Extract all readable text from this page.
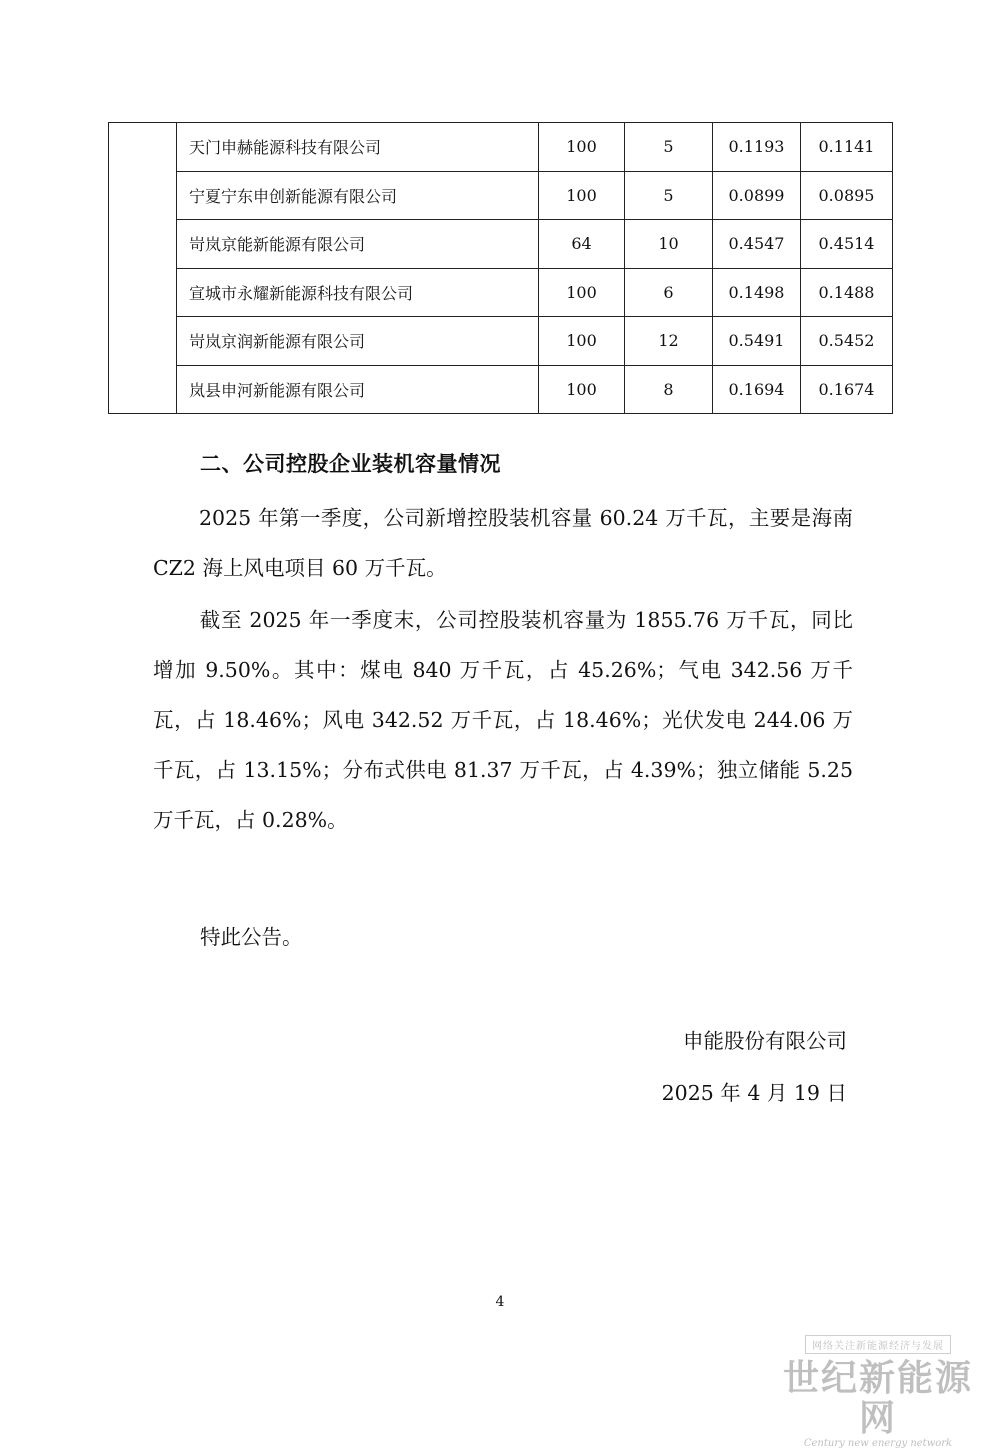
	天门申赫能源科技有限公司	100	5	0.1193	0.1141
	宁夏宁东申创新能源有限公司	100	5	0.0899	0.0895
	岢岚京能新能源有限公司	64	10	0.4547	0.4514
	宣城市永耀新能源科技有限公司	100	6	0.1498	0.1488
	岢岚京润新能源有限公司	100	12	0.5491	0.5452
	岚县申河新能源有限公司	100	8	0.1694	0.1674
二、公司控股企业装机容量情况
2025 年第一季度，公司新增控股装机容量 60.24 万千瓦，主要是海南 CZ2 海上风电项目 60 万千瓦。
截至 2025 年一季度末，公司控股装机容量为 1855.76 万千瓦，同比增加 9.50%。其中：煤电 840 万千瓦，占 45.26%；气电 342.56 万千瓦，占 18.46%；风电 342.52 万千瓦，占 18.46%；光伏发电 244.06 万千瓦，占 13.15%；分布式供电 81.37 万千瓦，占 4.39%；独立储能 5.25 万千瓦，占 0.28%。
特此公告。
申能股份有限公司
2025 年 4 月 19 日
4
网络关注新能源经济与发展
世纪新能源网
Century new energy network
